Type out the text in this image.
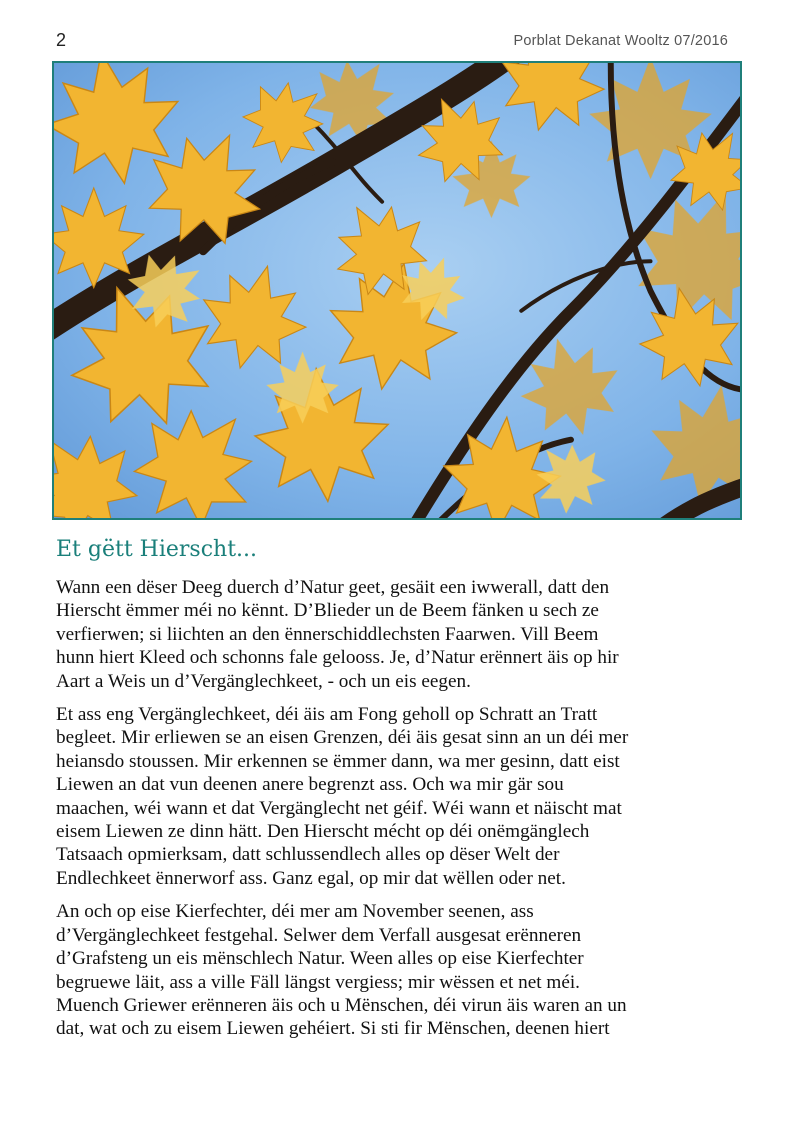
2	Porblat Dekanat Wooltz 07/2016
Et gëtt Hierscht...

Wann een dëser Deeg duerch d’Natur geet, gesäit een iwwerall, datt den
Hierscht ëmmer méi no kënnt. D’Blieder un de Beem fänken u sech ze
verfierwen; si liichten an den ënnerschiddlechsten Faarwen. Vill Beem
hunn hiert Kleed och schonns fale gelooss. Je, d’Natur erënnert äis op hir
Aart a Weis un d’Vergänglechkeet, - och un eis eegen.

Et ass eng Vergänglechkeet, déi äis am Fong geholl op Schratt an Tratt
begleet. Mir erliewen se an eisen Grenzen, déi äis gesat sinn an un déi mer
heiansdo stoussen. Mir erkennen se ëmmer dann, wa mer gesinn, datt eist
Liewen an dat vun deenen anere begrenzt ass. Och wa mir gär sou
maachen, wéi wann et dat Vergänglecht net géif. Wéi wann et näischt mat
eisem Liewen ze dinn hätt. Den Hierscht mécht op déi onëmgänglech
Tatsaach opmierksam, datt schlussendlech alles op dëser Welt der
Endlechkeet ënnerworf ass. Ganz egal, op mir dat wëllen oder net.

An och op eise Kierfechter, déi mer am November seenen, ass
d’Vergänglechkeet festgehal. Selwer dem Verfall ausgesat erënneren
d’Grafsteng un eis mënschlech Natur. Ween alles op eise Kierfechter
begruewe läit, ass a ville Fäll längst vergiess; mir wëssen et net méi.
Muench Griewer erënneren äis och u Mënschen, déi virun äis waren an un
dat, wat och zu eisem Liewen gehéiert. Si sti fir Mënschen, deenen hiert
